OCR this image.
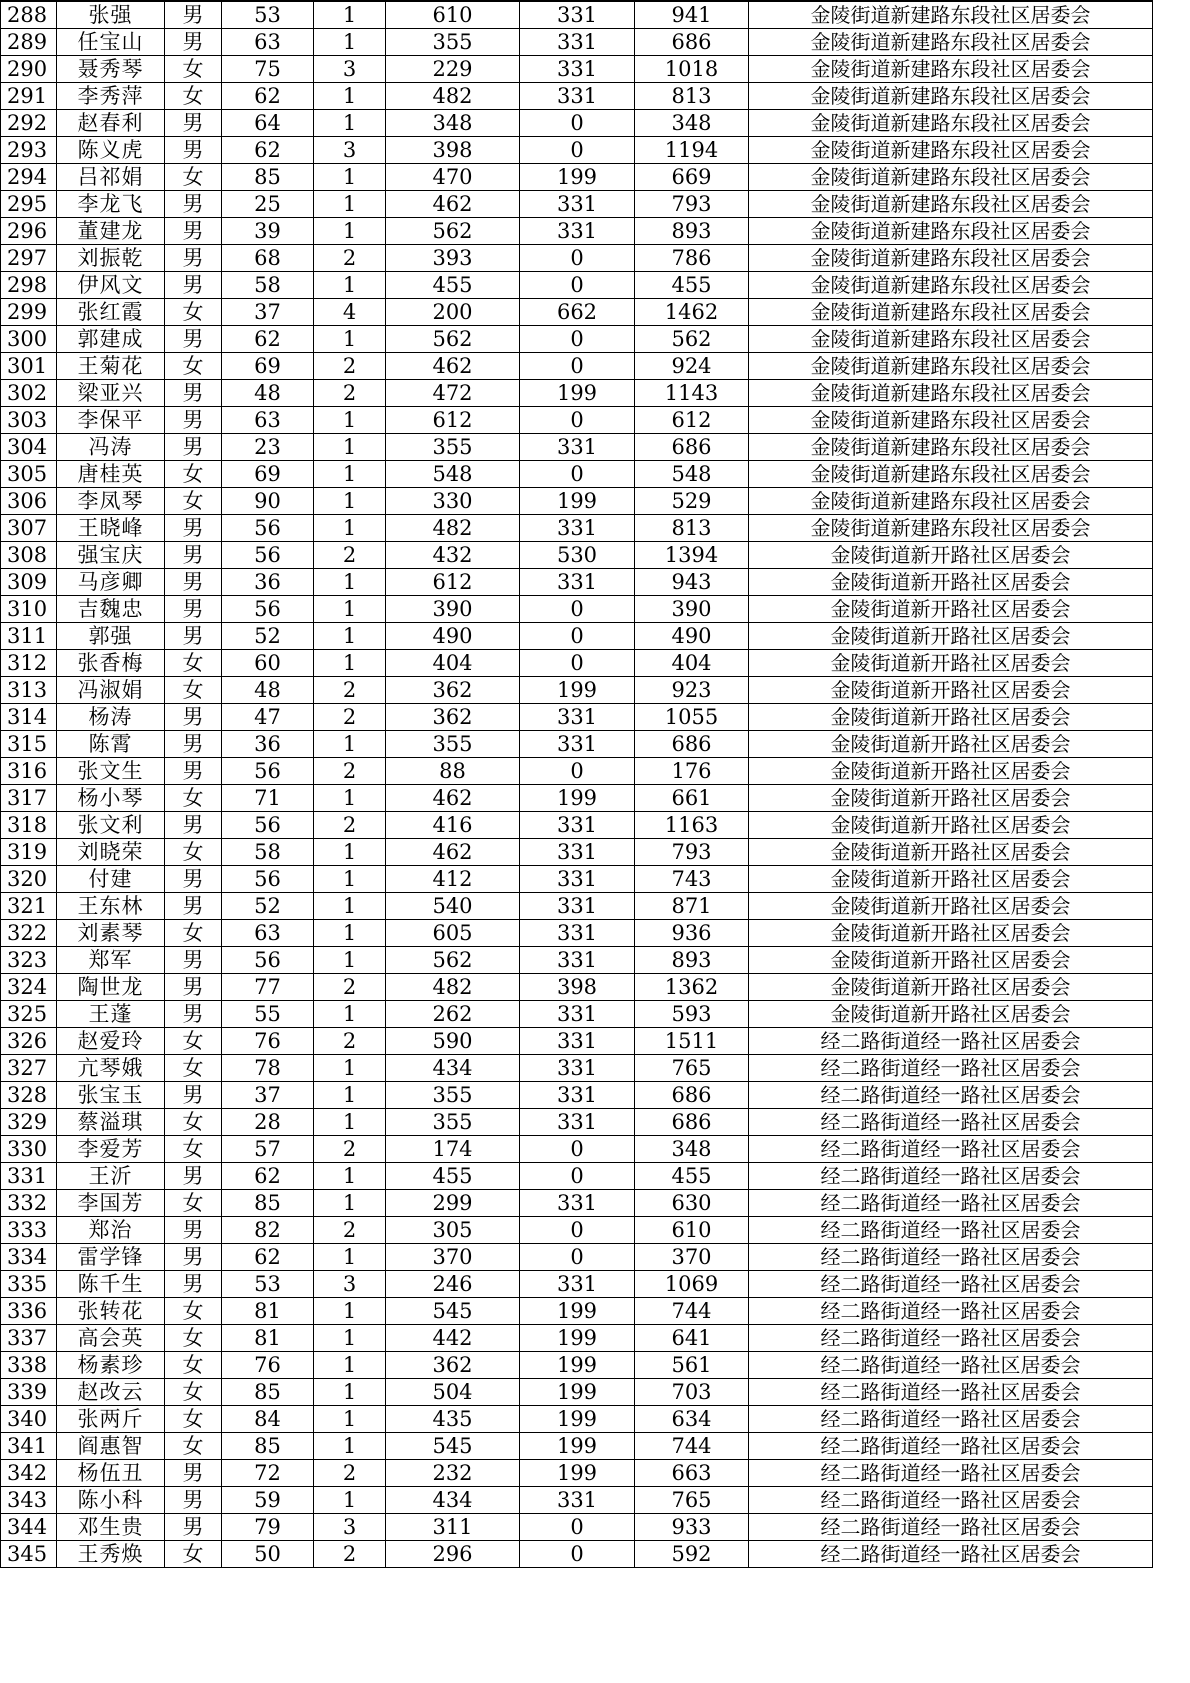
288	张强	男	53	1	610	331	941	金陵街道新建路东段社区居委会
289	任宝山	男	63	1	355	331	686	金陵街道新建路东段社区居委会
290	聂秀琴	女	75	3	229	331	1018	金陵街道新建路东段社区居委会
291	李秀萍	女	62	1	482	331	813	金陵街道新建路东段社区居委会
292	赵春利	男	64	1	348	0	348	金陵街道新建路东段社区居委会
293	陈义虎	男	62	3	398	0	1194	金陵街道新建路东段社区居委会
294	吕祁娟	女	85	1	470	199	669	金陵街道新建路东段社区居委会
295	李龙飞	男	25	1	462	331	793	金陵街道新建路东段社区居委会
296	董建龙	男	39	1	562	331	893	金陵街道新建路东段社区居委会
297	刘振乾	男	68	2	393	0	786	金陵街道新建路东段社区居委会
298	伊风文	男	58	1	455	0	455	金陵街道新建路东段社区居委会
299	张红霞	女	37	4	200	662	1462	金陵街道新建路东段社区居委会
300	郭建成	男	62	1	562	0	562	金陵街道新建路东段社区居委会
301	王菊花	女	69	2	462	0	924	金陵街道新建路东段社区居委会
302	梁亚兴	男	48	2	472	199	1143	金陵街道新建路东段社区居委会
303	李保平	男	63	1	612	0	612	金陵街道新建路东段社区居委会
304	冯涛	男	23	1	355	331	686	金陵街道新建路东段社区居委会
305	唐桂英	女	69	1	548	0	548	金陵街道新建路东段社区居委会
306	李凤琴	女	90	1	330	199	529	金陵街道新建路东段社区居委会
307	王晓峰	男	56	1	482	331	813	金陵街道新建路东段社区居委会
308	强宝庆	男	56	2	432	530	1394	金陵街道新开路社区居委会
309	马彦卿	男	36	1	612	331	943	金陵街道新开路社区居委会
310	吉魏忠	男	56	1	390	0	390	金陵街道新开路社区居委会
311	郭强	男	52	1	490	0	490	金陵街道新开路社区居委会
312	张香梅	女	60	1	404	0	404	金陵街道新开路社区居委会
313	冯淑娟	女	48	2	362	199	923	金陵街道新开路社区居委会
314	杨涛	男	47	2	362	331	1055	金陵街道新开路社区居委会
315	陈霄	男	36	1	355	331	686	金陵街道新开路社区居委会
316	张文生	男	56	2	88	0	176	金陵街道新开路社区居委会
317	杨小琴	女	71	1	462	199	661	金陵街道新开路社区居委会
318	张文利	男	56	2	416	331	1163	金陵街道新开路社区居委会
319	刘晓荣	女	58	1	462	331	793	金陵街道新开路社区居委会
320	付建	男	56	1	412	331	743	金陵街道新开路社区居委会
321	王东林	男	52	1	540	331	871	金陵街道新开路社区居委会
322	刘素琴	女	63	1	605	331	936	金陵街道新开路社区居委会
323	郑军	男	56	1	562	331	893	金陵街道新开路社区居委会
324	陶世龙	男	77	2	482	398	1362	金陵街道新开路社区居委会
325	王蓬	男	55	1	262	331	593	金陵街道新开路社区居委会
326	赵爱玲	女	76	2	590	331	1511	经二路街道经一路社区居委会
327	亢琴娥	女	78	1	434	331	765	经二路街道经一路社区居委会
328	张宝玉	男	37	1	355	331	686	经二路街道经一路社区居委会
329	蔡溢琪	女	28	1	355	331	686	经二路街道经一路社区居委会
330	李爱芳	女	57	2	174	0	348	经二路街道经一路社区居委会
331	王沂	男	62	1	455	0	455	经二路街道经一路社区居委会
332	李国芳	女	85	1	299	331	630	经二路街道经一路社区居委会
333	郑治	男	82	2	305	0	610	经二路街道经一路社区居委会
334	雷学锋	男	62	1	370	0	370	经二路街道经一路社区居委会
335	陈千生	男	53	3	246	331	1069	经二路街道经一路社区居委会
336	张转花	女	81	1	545	199	744	经二路街道经一路社区居委会
337	高会英	女	81	1	442	199	641	经二路街道经一路社区居委会
338	杨素珍	女	76	1	362	199	561	经二路街道经一路社区居委会
339	赵改云	女	85	1	504	199	703	经二路街道经一路社区居委会
340	张两斤	女	84	1	435	199	634	经二路街道经一路社区居委会
341	阎惠智	女	85	1	545	199	744	经二路街道经一路社区居委会
342	杨伍丑	男	72	2	232	199	663	经二路街道经一路社区居委会
343	陈小科	男	59	1	434	331	765	经二路街道经一路社区居委会
344	邓生贵	男	79	3	311	0	933	经二路街道经一路社区居委会
345	王秀焕	女	50	2	296	0	592	经二路街道经一路社区居委会
